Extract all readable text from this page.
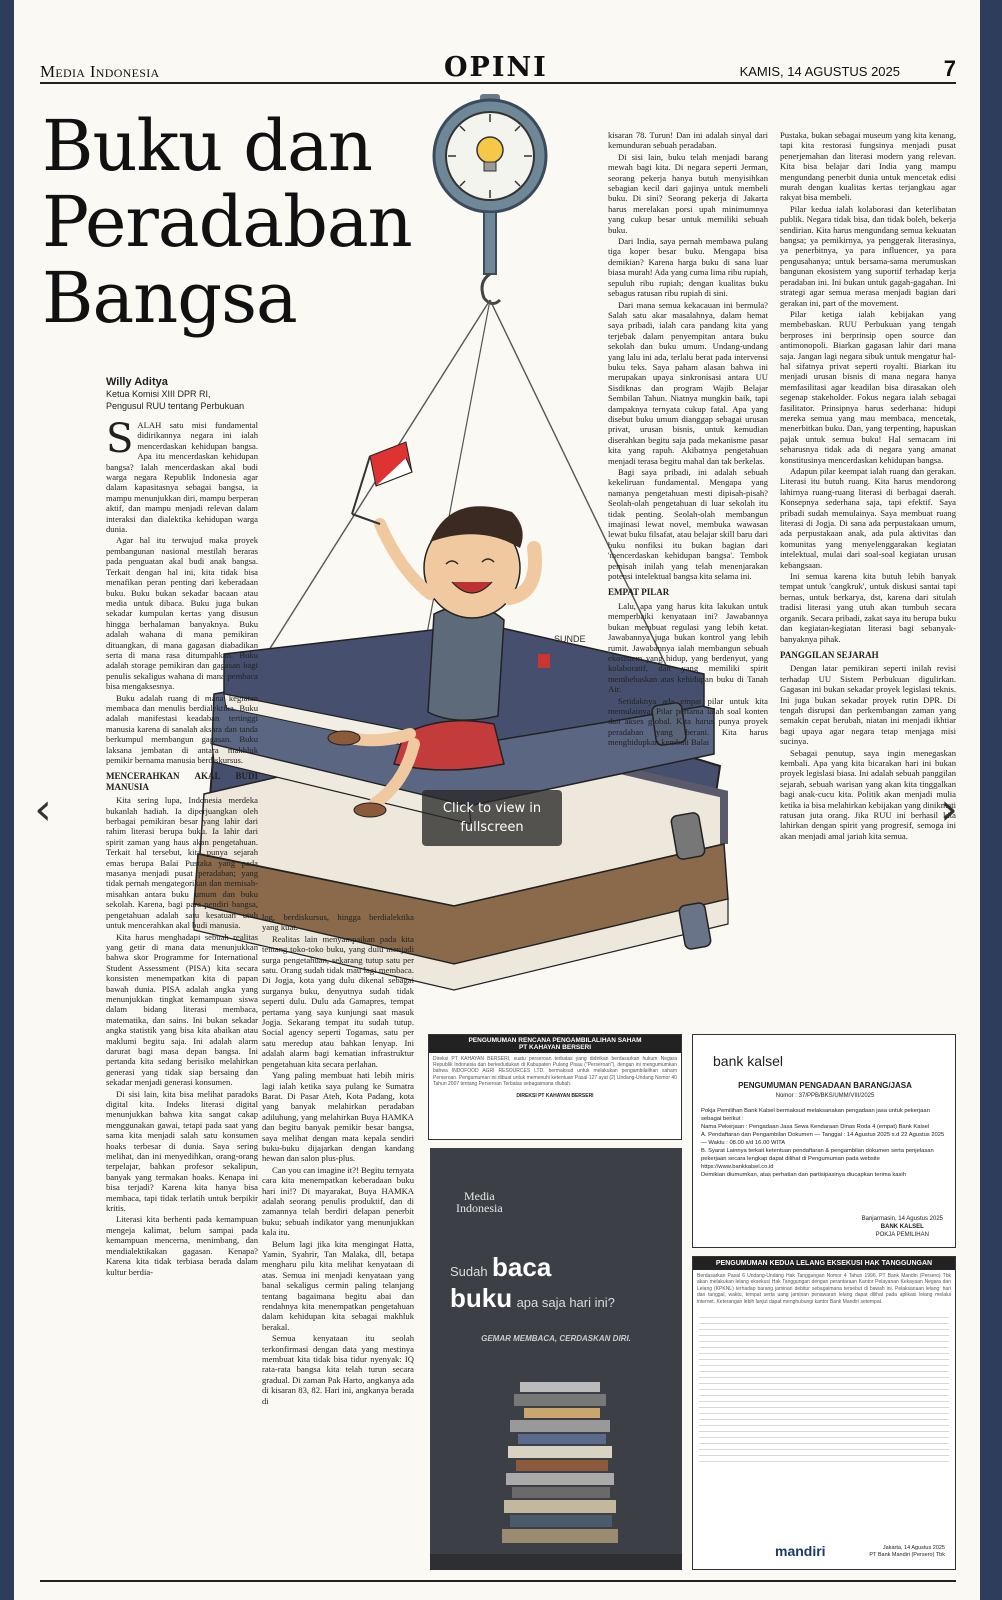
Media Indonesia	OPINI	KAMIS, 14 AGUSTUS 2025 7
Buku dan
Peradaban
Bangsa
Willy Aditya
Ketua Komisi XIII DPR RI,
Pengusul RUU tentang Perbukuan
SUNDE

SALAH satu misi fundamental didirikannya negara ini ialah mencerdaskan kehidupan bangsa. Apa itu mencerdaskan kehidupan bangsa? Ialah mencerdaskan akal budi warga negara Republik Indonesia agar dalam kapasitasnya sebagai bangsa, ia mampu menunjukkan diri, mampu berperan aktif, dan mampu menjadi relevan dalam interaksi dan dialektika kehidupan warga dunia.

Agar hal itu terwujud maka proyek pembangunan nasional mestilah beraras pada penguatan akal budi anak bangsa. Terkait dengan hal ini, kita tidak bisa menafikan peran penting dari keberadaan buku. Buku bukan sekadar bacaan atau media untuk dibaca. Buku juga bukan sekadar kumpulan kertas yang disusun hingga berhalaman banyaknya. Buku adalah wahana di mana pemikiran dituangkan, di mana gagasan diabadikan serta di mana rasa ditumpahkan. Buku adalah storage pemikiran dan gagasan bagi penulis sekaligus wahana di mana pembaca bisa mengaksesnya.

Buku adalah ruang di mana kegiatan membaca dan menulis berdialektika. Buku adalah manifestasi keadaban tertinggi manusia karena di sanalah aksara dan tanda berkumpul membangun gagasan. Buku laksana jembatan di antara makhluk pemikir bernama manusia berdiskursus.

MENCERAHKAN AKAL BUDI MANUSIA

Kita sering lupa, Indonesia merdeka bukanlah hadiah. Ia diperjuangkan oleh berbagai pemikiran besar yang lahir dari rahim literasi berupa buku. Ia lahir dari spirit zaman yang haus akan pengetahuan. Terkait hal tersebut, kita punya sejarah emas berupa Balai Pustaka yang pada masanya menjadi pusat peradaban; yang tidak pernah mengategorikan dan memisah-misahkan antara buku umum dan buku sekolah. Karena, bagi para pendiri bangsa, pengetahuan adalah satu kesatuan utuh untuk mencerahkan akal budi manusia.

Kita harus menghadapi sebuah realitas yang getir di mana data menunjukkan bahwa skor Programme for International Student Assessment (PISA) kita secara konsisten menempatkan kita di papan bawah dunia. PISA adalah angka yang menunjukkan tingkat kemampuan siswa dalam bidang literasi membaca, matematika, dan sains. Ini bukan sekadar angka statistik yang bisa kita abaikan atau maklumi begitu saja. Ini adalah alarm darurat bagi masa depan bangsa. Ini pertanda kita sedang berisiko melahirkan generasi yang tidak siap bersaing dan sekadar menjadi generasi konsumen.

Di sisi lain, kita bisa melihat paradoks digital kita. Indeks literasi digital menunjukkan bahwa kita sangat cakap menggunakan gawai, tetapi pada saat yang sama kita menjadi salah satu konsumen hoaks terbesar di dunia. Saya sering melihat, dan ini menyedihkan, orang-orang terpelajar, bahkan profesor sekalipun, banyak yang termakan hoaks. Kenapa ini bisa terjadi? Karena kita hanya bisa membaca, tapi tidak terlatih untuk berpikir kritis.

Literasi kita berhenti pada kemampuan mengeja kalimat, belum sampai pada kemampuan mencerna, menimbang, dan mendialektikakan gagasan. Kenapa? Karena kita tidak terbiasa berada dalam kultur berdia-

log, berdiskursus, hingga berdialektika yang kuat.

Realitas lain menyampaikan pada kita tentang toko-toko buku, yang dulu menjadi surga pengetahuan, sekarang tutup satu per satu. Orang sudah tidak mau lagi membaca. Di Jogja, kota yang dulu dikenal sebagai surganya buku, denyutnya sudah tidak seperti dulu. Dulu ada Gamapres, tempat pertama yang saya kunjungi saat masuk Jogja. Sekarang tempat itu sudah tutup. Social agency seperti Togamas, satu per satu meredup atau bahkan lenyap. Ini adalah alarm bagi kematian infrastruktur pengetahuan kita secara perlahan.

Yang paling membuat hati lebih miris lagi ialah ketika saya pulang ke Sumatra Barat. Di Pasar Ateh, Kota Padang, kota yang banyak melahirkan peradaban adiluhung, yang melahirkan Buya HAMKA dan begitu banyak pemikir besar bangsa, saya melihat dengan mata kepala sendiri buku-buku dijajarkan dengan kandang hewan dan salon plus-plus.

Can you can imagine it?! Begitu ternyata cara kita menempatkan keberadaan buku hari ini!? Di mayarakat, Buya HAMKA adalah seorang penulis produktif, dan di zamannya telah berdiri delapan penerbit buku; sebuah indikator yang menunjukkan kala itu.

Belum lagi jika kita mengingat Hatta, Yamin, Syahrir, Tan Malaka, dll, betapa mengharu pilu kita melihat kenyataan di atas. Semua ini menjadi kenyataan yang banal sekaligus cermin paling telanjang tentang bagaimana begitu abai dan rendahnya kita menempatkan pengetahuan dalam kehidupan kita sebagai makhluk berakal.

Semua kenyataan itu seolah terkonfirmasi dengan data yang mestinya membuat kita tidak bisa tidur nyenyak: IQ rata-rata bangsa kita telah turun secara gradual. Di zaman Pak Harto, angkanya ada di kisaran 83, 82. Hari ini, angkanya berada di

kisaran 78. Turun! Dan ini adalah sinyal dari kemunduran sebuah peradaban.

Di sisi lain, buku telah menjadi barang mewah bagi kita. Di negara seperti Jerman, seorang pekerja hanya butuh menyisihkan sebagian kecil dari gajinya untuk membeli buku. Di sini? Seorang pekerja di Jakarta harus merelakan porsi upah minimumnya yang cukup besar untuk memiliki sebuah buku.

Dari India, saya pernah membawa pulang tiga koper besar buku. Mengapa bisa demikian? Karena harga buku di sana luar biasa murah! Ada yang cuma lima ribu rupiah, sepuluh ribu rupiah; dengan kualitas buku sebagus ratusan ribu rupiah di sini.

Dari mana semua kekacauan ini bermula? Salah satu akar masalahnya, dalam hemat saya pribadi, ialah cara pandang kita yang terjebak dalam penyempitan antara buku sekolah dan buku umum. Undang-undang yang lalu ini ada, terlalu berat pada intervensi buku teks. Saya paham alasan bahwa ini merupakan upaya sinkronisasi antara UU Sisdiknas dan program Wajib Belajar Sembilan Tahun. Niatnya mungkin baik, tapi dampaknya ternyata cukup fatal. Apa yang disebut buku umum dianggap sebagai urusan privat, urusan bisnis, untuk kemudian diserahkan begitu saja pada mekanisme pasar kita yang rapuh. Akibatnya pengetahuan menjadi terasa begitu mahal dan tak berkelas.

Bagi saya pribadi, ini adalah sebuah kekeliruan fundamental. Mengapa yang namanya pengetahuan mesti dipisah-pisah? Seolah-olah pengetahuan di luar sekolah itu tidak penting. Seolah-olah membangun imajinasi lewat novel, membuka wawasan lewat buku filsafat, atau belajar skill baru dari buku nonfiksi itu bukan bagian dari 'mencerdaskan kehidupan bangsa'. Tembok pemisah inilah yang telah menenjarakan potensi intelektual bangsa kita selama ini.

EMPAT PILAR

Lalu, apa yang harus kita lakukan untuk memperbaiki kenyataan ini? Jawabannya bukan membuat regulasi yang lebih ketat. Jawabannya juga bukan kontrol yang lebih rumit. Jawabannya ialah membangun sebuah ekosistem yang hidup, yang berdenyut, yang kolaboratif, dan yang memiliki spirit membebaskan atas kehidupan buku di Tanah Air.

Setidaknya ada empat pilar untuk kita memulainya. Pilar pertama ialah soal konten dan akses global. Kita harus punya proyek peradaban yang berani. Kita harus menghidupkan kembali Balai

Pustaka, bukan sebagai museum yang kita kenang, tapi kita restorasi fungsinya menjadi pusat penerjemahan dan literasi modern yang relevan. Kita bisa belajar dari India yang mampu mengundang penerbit dunia untuk mencetak edisi murah dengan kualitas kertas terjangkau agar rakyat bisa membeli.

Pilar kedua ialah kolaborasi dan keterlibatan publik. Negara tidak bisa, dan tidak boleh, bekerja sendirian. Kita harus mengundang semua kekuatan bangsa; ya pemikirnya, ya penggerak literasinya, ya penerbitnya, ya para influencer, ya para pengusahanya; untuk bersama-sama merumuskan bangunan ekosistem yang suportif terhadap kerja peradaban ini. Ini bukan untuk gagah-gagahan. Ini strategi agar semua merasa menjadi bagian dari gerakan ini, part of the movement.

Pilar ketiga ialah kebijakan yang membebaskan. RUU Perbukuan yang tengah berproses ini berprinsip open source dan antimonopoli. Biarkan gagasan lahir dari mana saja. Jangan lagi negara sibuk untuk mengatur hal-hal sifatnya privat seperti royalti. Biarkan itu menjadi urusan bisnis di mana negara hanya memfasilitasi agar keadilan bisa dirasakan oleh segenap stakeholder. Fokus negara ialah sebagai fasilitator. Prinsipnya harus sederhana: hidupi mereka semua yang mau membaca, mencetak, menerbitkan buku. Dan, yang terpenting, hapuskan pajak untuk semua buku! Hal semacam ini seharusnya tidak ada di negara yang amanat konstitusinya mencerdaskan kehidupan bangsa.

Adapun pilar keempat ialah ruang dan gerakan. Literasi itu butuh ruang. Kita harus mendorong lahirnya ruang-ruang literasi di berbagai daerah. Konsepnya sederhana saja, tapi efektif. Saya pribadi sudah memulainya. Saya membuat ruang literasi di Jogja. Di sana ada perpustakaan umum, ada perpustakaan anak, ada pula aktivitas dan komunitas yang menyelenggarakan kegiatan intelektual, mulai dari soal-soal kegiatan urusan kebangsaan.

Ini semua karena kita butuh lebih banyak tempat untuk 'cangkruk', untuk diskusi santai tapi bernas, untuk berkarya, dst, karena dari situlah tradisi literasi yang utuh akan tumbuh secara organik. Secara pribadi, zakat saya itu berupa buku dan kegiatan-kegiatan literasi bagi sebanyak-banyaknya pihak.

PANGGILAN SEJARAH

Dengan latar pemikiran seperti inilah revisi terhadap UU Sistem Perbukuan digulirkan. Gagasan ini bukan sekadar proyek legislasi teknis. Ini juga bukan sekadar proyek rutin DPR. Di tengah disrupsi dan perkembangan zaman yang semakin cepat berubah, niatan ini menjadi ikhtiar bagi upaya agar negara tetap menjaga misi sucinya.

Sebagai penutup, saya ingin menegaskan kembali. Apa yang kita bicarakan hari ini bukan proyek legislasi biasa. Ini adalah sebuah panggilan sejarah, sebuah warisan yang akan kita tinggalkan bagi anak-cucu kita. Politik akan menjadi mulia ketika ia bisa melahirkan kebijakan yang dinikmati ratusan juta orang. Jika RUU ini berhasil kita lahirkan dengan spirit yang progresif, semoga ini akan menjadi amal jariah kita semua.

PENGUMUMAN RENCANA PENGAMBILALIHAN SAHAM
PT KAHAYAN BERSERI
Direksi PT KAHAYAN BERSERI, suatu perseroan terbatas yang didirikan berdasarkan hukum Negara Republik Indonesia dan berkedudukan di Kabupaten Pulang Pisau ("Perseroan"), dengan ini mengumumkan bahwa INDOFOOD AGRI RESOURCES LTD. bermaksud untuk melakukan pengambilalihan saham Perseroan. Pengumuman ini dibuat untuk memenuhi ketentuan Pasal 127 ayat (2) Undang-Undang Nomor 40 Tahun 2007 tentang Perseroan Terbatas sebagaimana diubah.
DIREKSI PT KAHAYAN BERSERI
Media
Indonesia
Sudah baca
buku apa saja hari ini?
GEMAR MEMBACA, CERDASKAN DIRI.
bank kalsel
PENGUMUMAN PENGADAAN BARANG/JASA
Nomor : 37/PPB/BKS/UMM/VIII/2025
Pokja Pemilihan Bank Kalsel bermaksud melaksanakan pengadaan jasa untuk pekerjaan sebagai berikut :
Nama Pekerjaan : Pengadaan Jasa Sewa Kendaraan Dinas Roda 4 (empat) Bank Kalsel
A. Pendaftaran dan Pengambilan Dokumen — Tanggal : 14 Agustus 2025 s.d 22 Agustus 2025 — Waktu : 08.00 s/d 16.00 WITA
B. Syarat Lainnya terkait ketentuan pendaftaran & pengambilan dokumen serta penjelasan pekerjaan secara lengkap dapat dilihat di Pengumuman pada website https://www.bankkalsel.co.id
Demikian diumumkan, atas perhatian dan partisipasinya diucapkan terima kasih
Banjarmasin, 14 Agustus 2025
BANK KALSEL
POKJA PEMILIHAN
PENGUMUMAN KEDUA LELANG EKSEKUSI HAK TANGGUNGAN
Berdasarkan Pasal 6 Undang-Undang Hak Tanggungan Nomor 4 Tahun 1996, PT Bank Mandiri (Persero) Tbk akan melakukan lelang eksekusi Hak Tanggungan dengan perantaraan Kantor Pelayanan Kekayaan Negara dan Lelang (KPKNL) terhadap barang jaminan debitur sebagaimana tersebut di bawah ini. Pelaksanaan lelang: hari dan tanggal, waktu, tempat serta uang jaminan penawaran lelang dapat dilihat pada aplikasi lelang melalui internet. Keterangan lebih lanjut dapat menghubungi kantor Bank Mandiri setempat.
mandiri	Jakarta, 14 Agustus 2025
PT Bank Mandiri (Persero) Tbk
Click to view in
fullscreen
‹	›
